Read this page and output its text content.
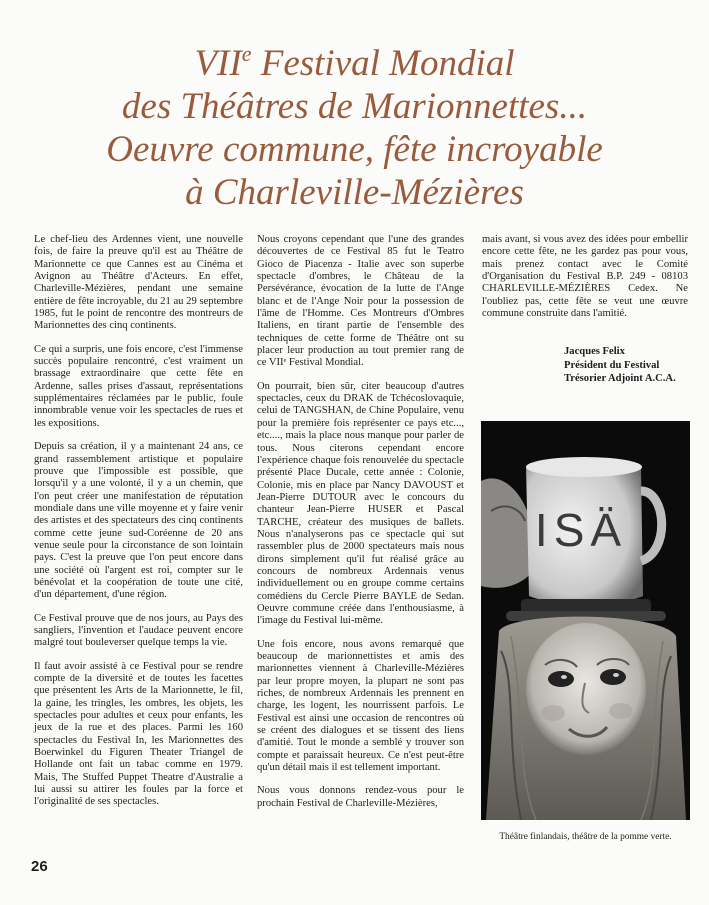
VIIe Festival Mondial
des Théâtres de Marionnettes...
Oeuvre commune, fête incroyable
à Charleville-Mézières

Le chef-lieu des Ardennes vient, une nouvelle fois, de faire la preuve qu'il est au Théâtre de Marionnette ce que Cannes est au Cinéma et Avignon au Théâtre d'Acteurs. En effet, Charleville-Mézières, pendant une semaine entière de fête incroyable, du 21 au 29 septembre 1985, fut le point de rencontre des montreurs de Marionnettes des cinq continents.

Ce qui a surpris, une fois encore, c'est l'immense succès populaire rencontré, c'est vraiment un brassage extraordinaire que cette fête en Ardenne, salles prises d'assaut, représentations supplémentaires réclamées par le public, foule innombrable venue voir les spectacles de rues et les expositions.

Depuis sa création, il y a maintenant 24 ans, ce grand rassemblement artistique et populaire prouve que l'impossible est possible, que lorsqu'il y a une volonté, il y a un chemin, que l'on peut créer une manifestation de réputation mondiale dans une ville moyenne et y faire venir des artistes et des spectateurs des cinq continents comme cette jeune sud-Coréenne de 20 ans venue seule pour la circonstance de son lointain pays. C'est la preuve que l'on peut encore dans une société où l'argent est roi, compter sur le bénévolat et la coopération de toute une cité, d'un département, d'une région.

Ce Festival prouve que de nos jours, au Pays des sangliers, l'invention et l'audace peuvent encore malgré tout bouleverser quelque temps la vie.

Il faut avoir assisté à ce Festival pour se rendre compte de la diversité et de toutes les facettes que présentent les Arts de la Marionnette, le fil, la gaine, les tringles, les ombres, les objets, les spectacles pour adultes et ceux pour enfants, les jeux de la rue et des places. Parmi les 160 spectacles du Festival In, les Marionnettes des Boerwinkel du Figuren Theater Triangel de Hollande ont fait un tabac comme en 1979. Mais, The Stuffed Puppet Theatre d'Australie a lui aussi su attirer les foules par la force et l'originalité de ses spectacles.

Nous croyons cependant que l'une des grandes découvertes de ce Festival 85 fut le Teatro Gioco de Piacenza - Italie avec son superbe spectacle d'ombres, le Château de la Persévérance, évocation de la lutte de l'Ange blanc et de l'Ange Noir pour la possession de l'âme de l'Homme. Ces Montreurs d'Ombres Italiens, en tirant partie de l'ensemble des techniques de cette forme de Théâtre ont su placer leur production au tout premier rang de ce VIIᵉ Festival Mondial.

On pourrait, bien sûr, citer beaucoup d'autres spectacles, ceux du DRAK de Tchécoslovaquie, celui de TANGSHAN, de Chine Populaire, venu pour la première fois représenter ce pays etc..., etc...., mais la place nous manque pour parler de tous. Nous citerons cependant encore l'expérience chaque fois renouvelée du spectacle présenté Place Ducale, cette année : Colonie, Colonie, mis en place par Nancy DAVOUST et Jean-Pierre DUTOUR avec le concours du chanteur Jean-Pierre HUSER et Pascal TARCHE, créateur des musiques de ballets. Nous n'analyserons pas ce spectacle qui sut rassembler plus de 2000 spectateurs mais nous dirons simplement qu'il fut réalisé grâce au concours de nombreux Ardennais venus individuellement ou en groupe comme certains comédiens du Cercle Pierre BAYLE de Sedan. Oeuvre commune créée dans l'enthousiasme, à l'image du Festival lui-même.

Une fois encore, nous avons remarqué que beaucoup de marionnettistes et amis des marionnettes viennent à Charleville-Mézières par leur propre moyen, la plupart ne sont pas riches, de nombreux Ardennais les prennent en charge, les logent, les nourrissent parfois. Le Festival est ainsi une occasion de rencontres où se créent des dialogues et se tissent des liens d'amitié. Tout le monde a semblé y trouver son compte et paraissait heureux. Ce n'est peut-être qu'un détail mais il est tellement important.

Nous vous donnons rendez-vous pour le prochain Festival de Charleville-Mézières,

mais avant, si vous avez des idées pour embellir encore cette fête, ne les gardez pas pour vous, mais prenez contact avec le Comité d'Organisation du Festival B.P. 249 - 08103 CHARLEVILLE-MÉZIÈRES Cedex. Ne l'oubliez pas, cette fête se veut une œuvre commune construite dans l'amitié.

Jacques Felix
Président du Festival
Trésorier Adjoint A.C.A.
ISÄ
Théâtre finlandais, théâtre de la pomme verte.
26
